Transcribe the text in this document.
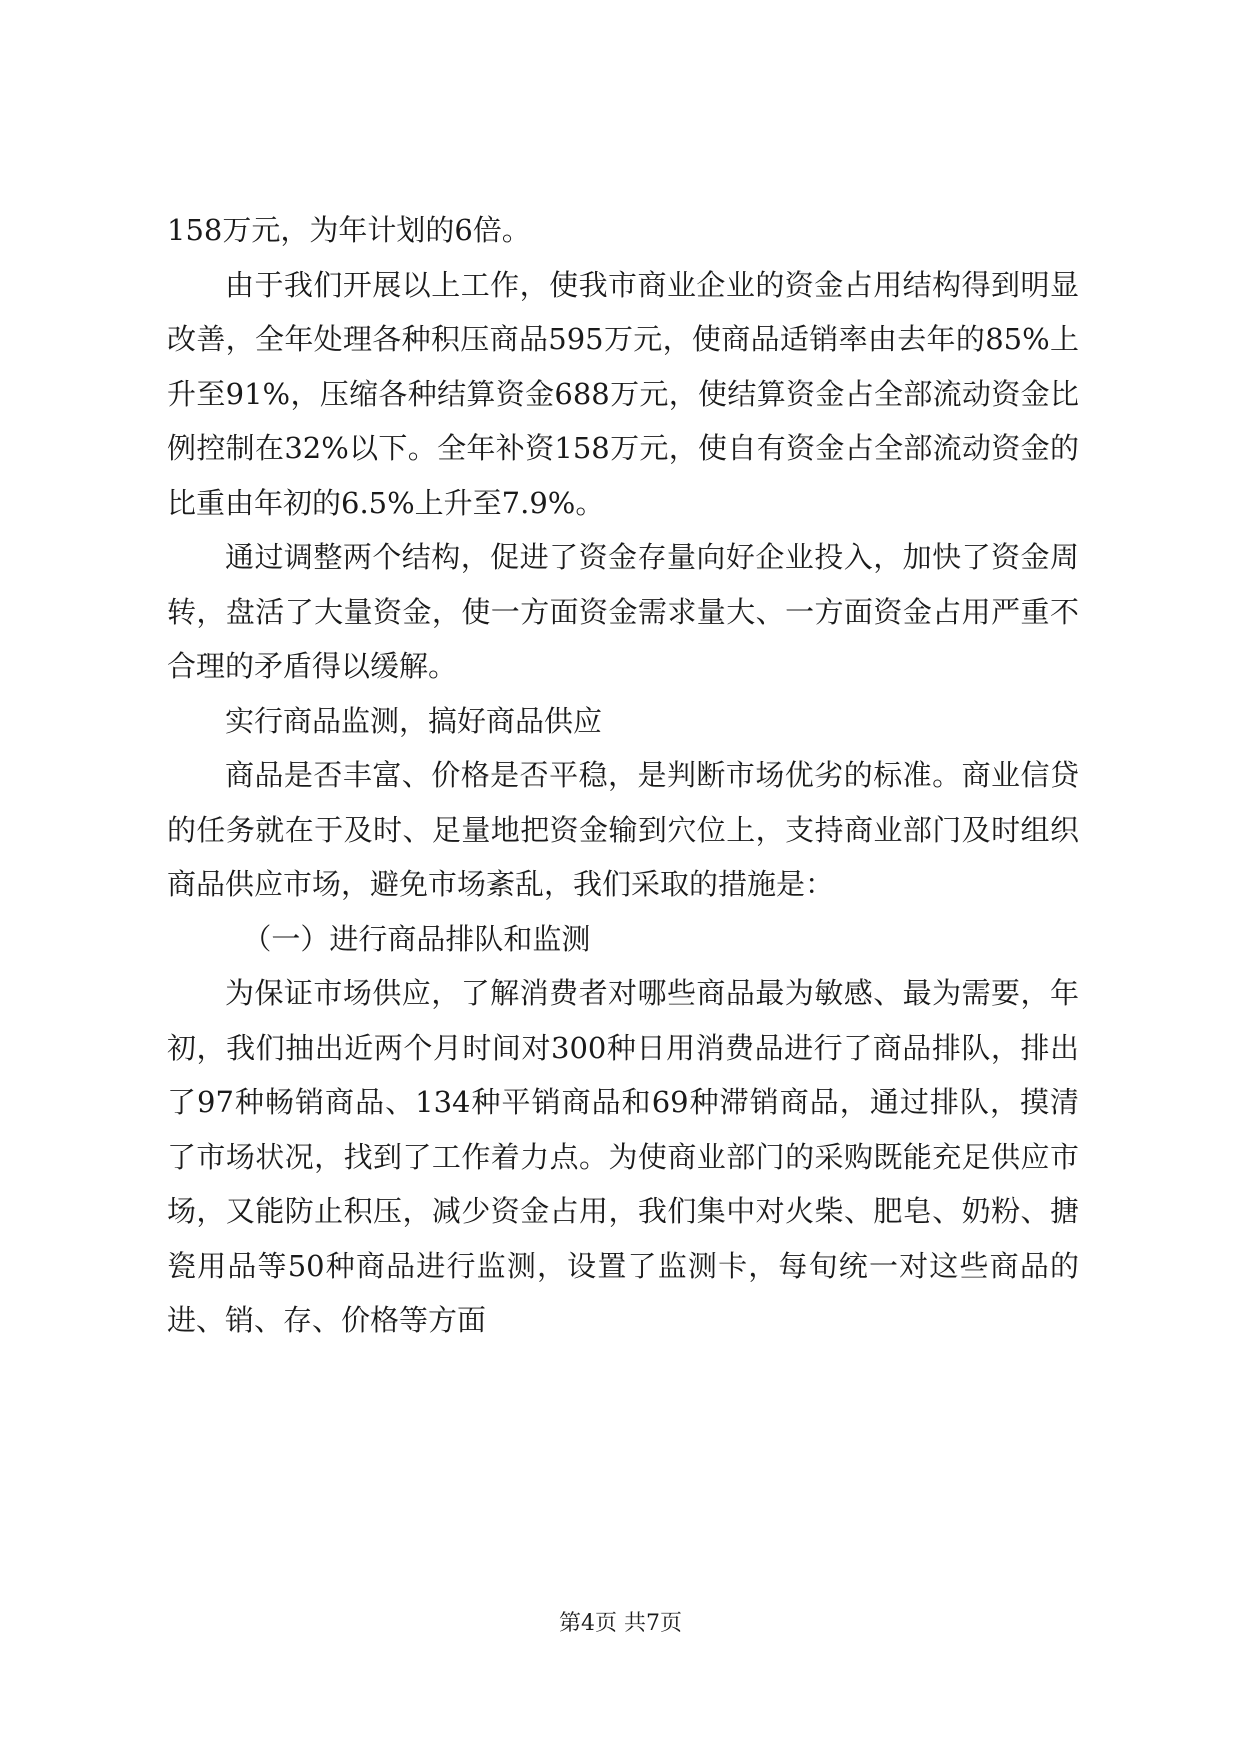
158万元，为年计划的6倍。

由于我们开展以上工作，使我市商业企业的资金占用结构得到明显改善，全年处理各种积压商品595万元，使商品适销率由去年的85%上升至91%，压缩各种结算资金688万元，使结算资金占全部流动资金比例控制在32%以下。全年补资158万元，使自有资金占全部流动资金的比重由年初的6.5%上升至7.9%。

通过调整两个结构，促进了资金存量向好企业投入，加快了资金周转，盘活了大量资金，使一方面资金需求量大、一方面资金占用严重不合理的矛盾得以缓解。

实行商品监测，搞好商品供应

商品是否丰富、价格是否平稳，是判断市场优劣的标准。商业信贷的任务就在于及时、足量地把资金输到穴位上，支持商业部门及时组织商品供应市场，避免市场紊乱，我们采取的措施是：

（一）进行商品排队和监测

为保证市场供应，了解消费者对哪些商品最为敏感、最为需要，年初，我们抽出近两个月时间对300种日用消费品进行了商品排队，排出了97种畅销商品、134种平销商品和69种滞销商品，通过排队，摸清了市场状况，找到了工作着力点。为使商业部门的采购既能充足供应市场，又能防止积压，减少资金占用，我们集中对火柴、肥皂、奶粉、搪瓷用品等50种商品进行监测，设置了监测卡，每旬统一对这些商品的进、销、存、价格等方面

第4页 共7页
